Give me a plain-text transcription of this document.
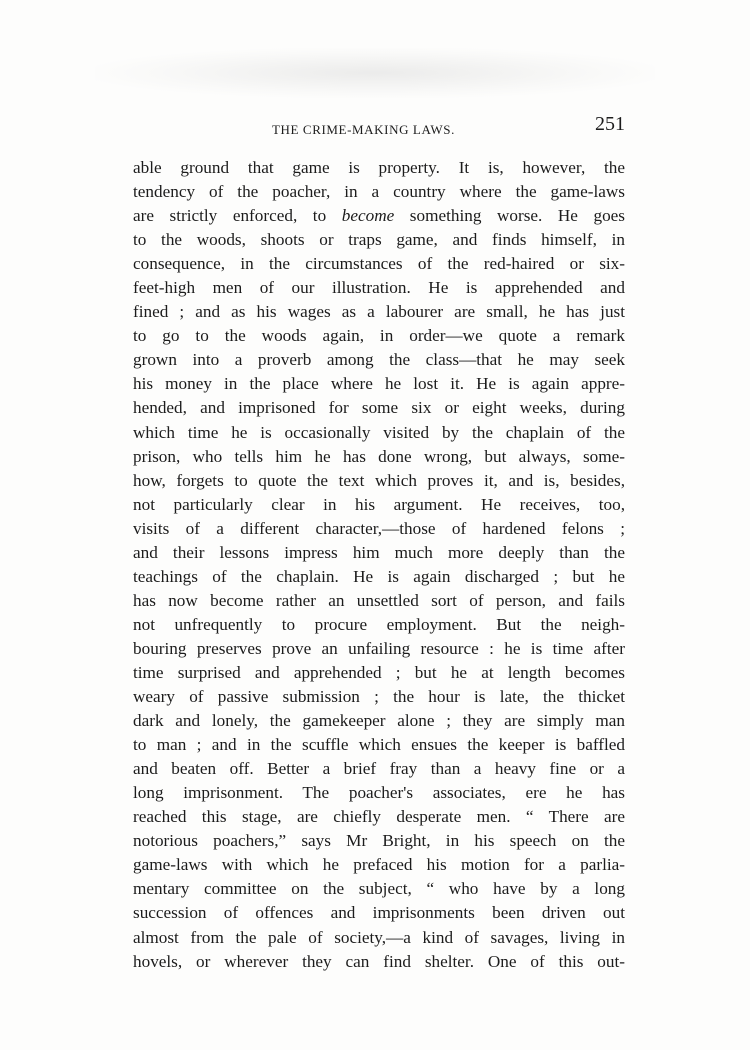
THE CRIME-MAKING LAWS.	251
able ground that game is property. It is, however, the
tendency of the poacher, in a country where the game-laws
are strictly enforced, to become something worse. He goes
to the woods, shoots or traps game, and finds himself, in
consequence, in the circumstances of the red-haired or six-
feet-high men of our illustration. He is apprehended and
fined ; and as his wages as a labourer are small, he has just
to go to the woods again, in order—we quote a remark
grown into a proverb among the class—that he may seek
his money in the place where he lost it. He is again appre-
hended, and imprisoned for some six or eight weeks, during
which time he is occasionally visited by the chaplain of the
prison, who tells him he has done wrong, but always, some-
how, forgets to quote the text which proves it, and is, besides,
not particularly clear in his argument. He receives, too,
visits of a different character,—those of hardened felons ;
and their lessons impress him much more deeply than the
teachings of the chaplain. He is again discharged ; but he
has now become rather an unsettled sort of person, and fails
not unfrequently to procure employment. But the neigh-
bouring preserves prove an unfailing resource : he is time after
time surprised and apprehended ; but he at length becomes
weary of passive submission ; the hour is late, the thicket
dark and lonely, the gamekeeper alone ; they are simply man
to man ; and in the scuffle which ensues the keeper is baffled
and beaten off. Better a brief fray than a heavy fine or a
long imprisonment. The poacher's associates, ere he has
reached this stage, are chiefly desperate men. “ There are
notorious poachers,” says Mr Bright, in his speech on the
game-laws with which he prefaced his motion for a parlia-
mentary committee on the subject, “ who have by a long
succession of offences and imprisonments been driven out
almost from the pale of society,—a kind of savages, living in
hovels, or wherever they can find shelter. One of this out-
